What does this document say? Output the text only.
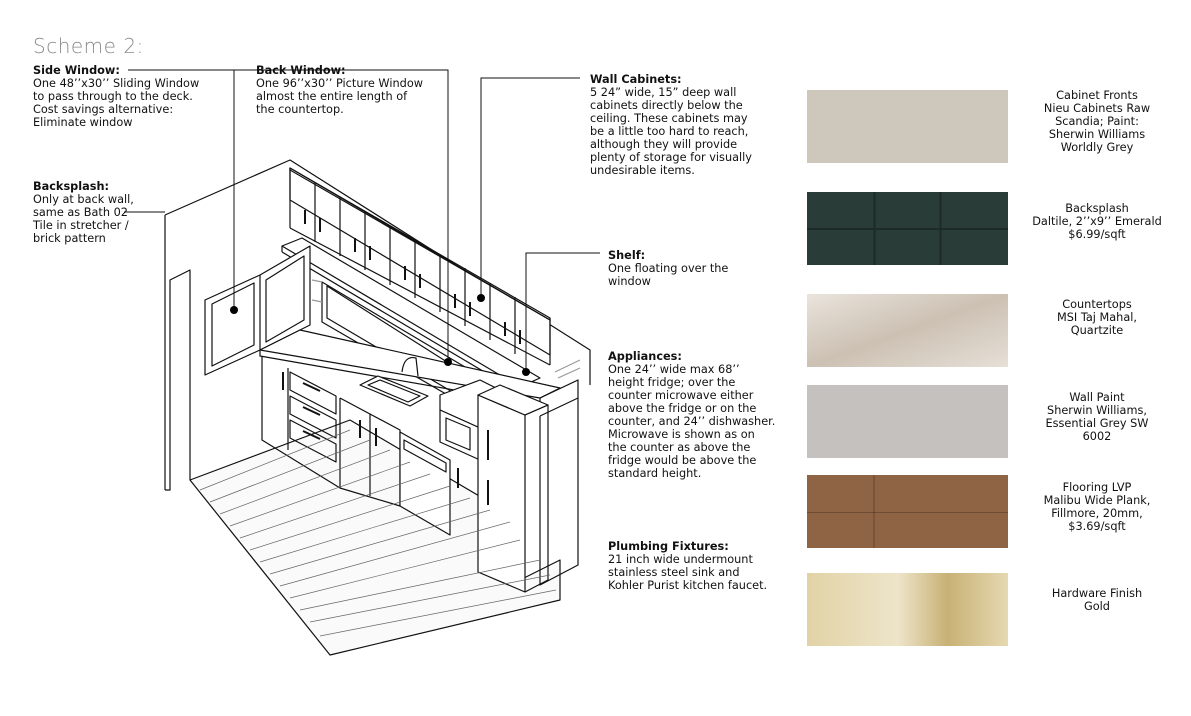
Scheme 2:
Side Window:
One 48’’x30’’ Sliding Window
to pass through to the deck.
Cost savings alternative:
Eliminate window
Back Window:
One 96’’x30’’ Picture Window
almost the entire length of
the countertop.
Wall Cabinets:
5 24” wide, 15” deep wall
cabinets directly below the
ceiling. These cabinets may
be a little too hard to reach,
although they will provide
plenty of storage for visually
undesirable items.
Backsplash:
Only at back wall,
same as Bath 02
Tile in stretcher /
brick pattern
Shelf:
One floating over the
window
Appliances:
One 24’’ wide max 68’’
height fridge; over the
counter microwave either
above the fridge or on the
counter, and 24’’ dishwasher.
Microwave is shown as on
the counter as above the
fridge would be above the
standard height.
Plumbing Fixtures:
21 inch wide undermount
stainless steel sink and
Kohler Purist kitchen faucet.
Cabinet Fronts
Nieu Cabinets Raw
Scandia; Paint:
Sherwin Williams
Worldly Grey
Backsplash
Daltile, 2’’x9’’ Emerald
$6.99/sqft
Countertops
MSI Taj Mahal,
Quartzite
Wall Paint
Sherwin Williams,
Essential Grey SW
6002
Flooring LVP
Malibu Wide Plank,
Fillmore, 20mm,
$3.69/sqft
Hardware Finish
Gold
